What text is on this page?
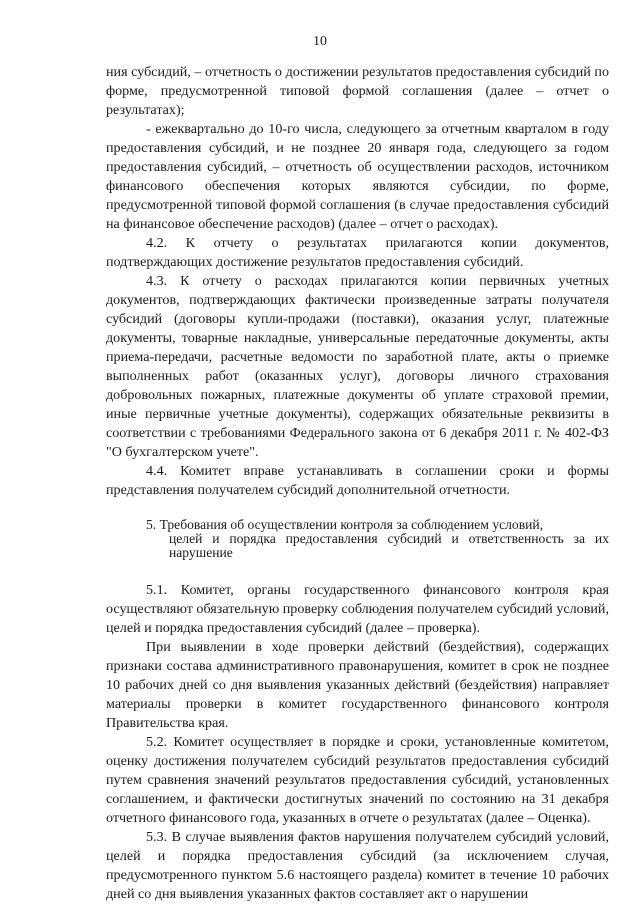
10

ния субсидий, – отчетность о достижении результатов предоставления субсидий по форме, предусмотренной типовой формой соглашения (далее – отчет о результатах);

- ежеквартально до 10-го числа, следующего за отчетным кварталом в году предоставления субсидий, и не позднее 20 января года, следующего за годом предоставления субсидий, – отчетность об осуществлении расходов, источником финансового обеспечения которых являются субсидии, по форме, предусмотренной типовой формой соглашения (в случае предоставления субсидий на финансовое обеспечение расходов) (далее – отчет о расходах).

4.2. К отчету о результатах прилагаются копии документов, подтверждающих достижение результатов предоставления субсидий.

4.3. К отчету о расходах прилагаются копии первичных учетных документов, подтверждающих фактически произведенные затраты получателя субсидий (договоры купли-продажи (поставки), оказания услуг, платежные документы, товарные накладные, универсальные передаточные документы, акты приема-передачи, расчетные ведомости по заработной плате, акты о приемке выполненных работ (оказанных услуг), договоры личного страхования добровольных пожарных, платежные документы об уплате страховой премии, иные первичные учетные документы), содержащих обязательные реквизиты в соответствии с требованиями Федерального закона от 6 декабря 2011 г. № 402-ФЗ "О бухгалтерском учете".

4.4. Комитет вправе устанавливать в соглашении сроки и формы представления получателем субсидий дополнительной отчетности.

5. Требования об осуществлении контроля за соблюдением условий,
целей и порядка предоставления субсидий и ответственность за их нарушение

5.1. Комитет, органы государственного финансового контроля края осуществляют обязательную проверку соблюдения получателем субсидий условий, целей и порядка предоставления субсидий (далее – проверка).

При выявлении в ходе проверки действий (бездействия), содержащих признаки состава административного правонарушения, комитет в срок не позднее 10 рабочих дней со дня выявления указанных действий (бездействия) направляет материалы проверки в комитет государственного финансового контроля Правительства края.

5.2. Комитет осуществляет в порядке и сроки, установленные комитетом, оценку достижения получателем субсидий результатов предоставления субсидий путем сравнения значений результатов предоставления субсидий, установленных соглашением, и фактически достигнутых значений по состоянию на 31 декабря отчетного финансового года, указанных в отчете о результатах (далее – Оценка).

5.3. В случае выявления фактов нарушения получателем субсидий условий, целей и порядка предоставления субсидий (за исключением случая, предусмотренного пунктом 5.6 настоящего раздела) комитет в течение 10 рабочих дней со дня выявления указанных фактов составляет акт о нарушении
